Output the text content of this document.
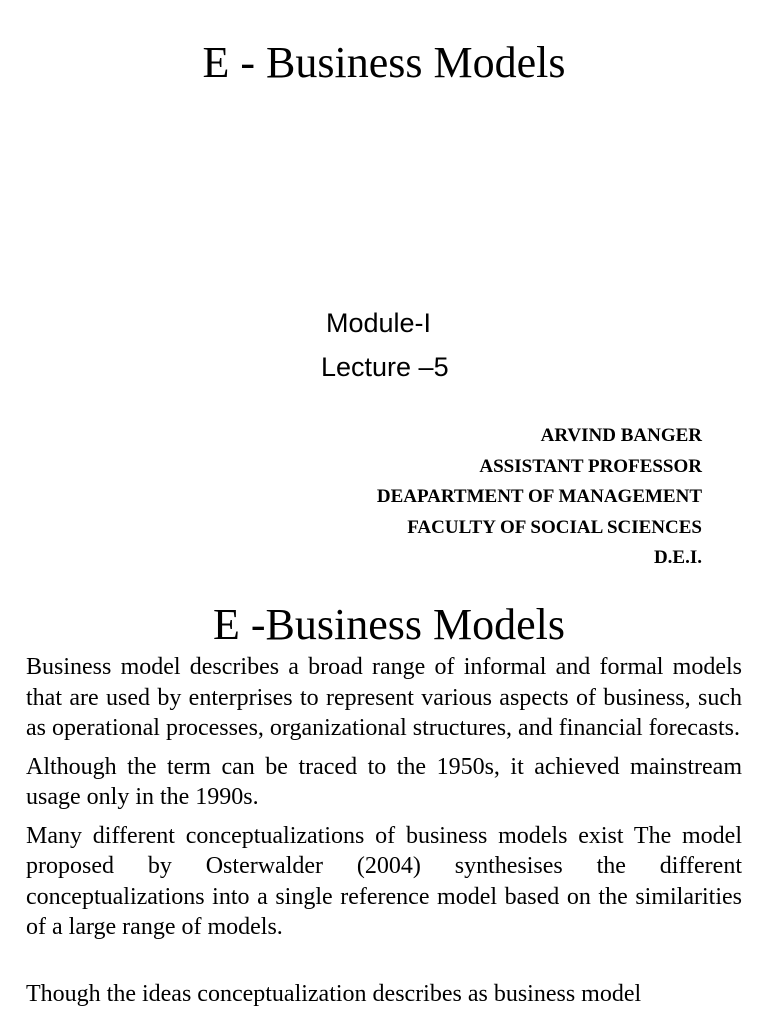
E - Business Models
Module-I
Lecture –5
ARVIND BANGER
ASSISTANT PROFESSOR
DEAPARTMENT OF MANAGEMENT
FACULTY OF SOCIAL SCIENCES
D.E.I.
E -Business Models

Business model describes a broad range of informal and formal models that are used by enterprises to represent various aspects of business, such as operational processes, organizational structures, and financial forecasts.

Although the term can be traced to the 1950s, it achieved mainstream usage only in the 1990s.

Many different conceptualizations of business models exist The model proposed by Osterwalder (2004) synthesises the different conceptualizations into a single reference model based on the similarities of a large range of models.

Though the ideas conceptualization describes as business model
